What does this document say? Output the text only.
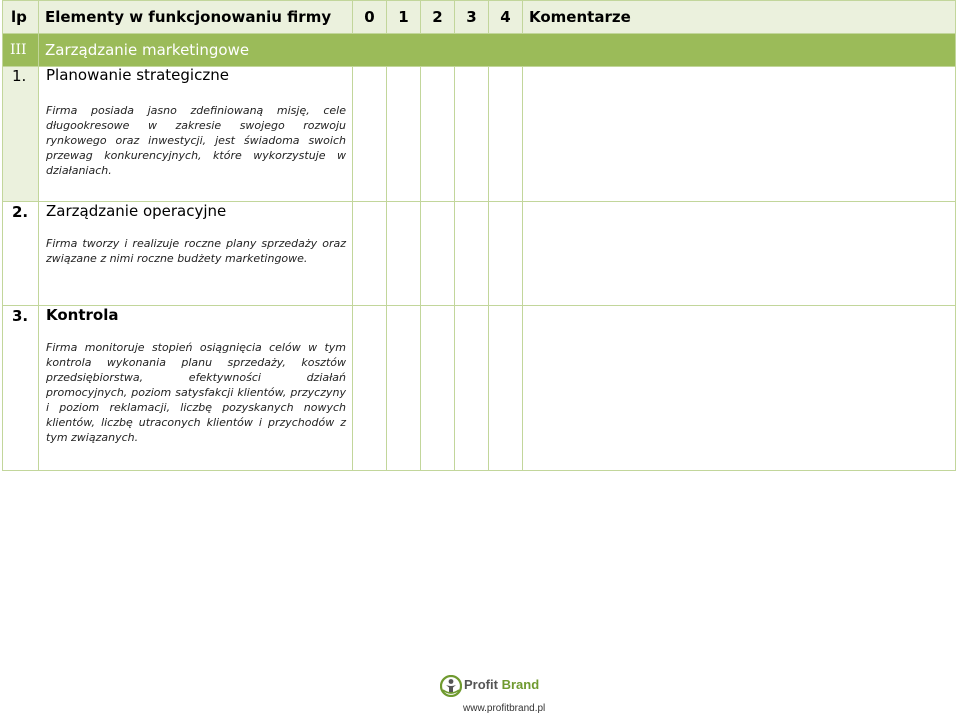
lp	Elementy w funkcjonowaniu firmy	0	1	2	3	4	Komentarze
III	Zarządzanie marketingowe						
1.	Planowanie strategiczne
Firma posiada jasno zdefiniowaną misję, cele długookresowe w zakresie swojego rozwoju rynkowego oraz inwestycji, jest świadoma swoich przewag konkurencyjnych, które wykorzystuje w działaniach.						

2.	Zarządzanie operacyjne
Firma tworzy i realizuje roczne plany sprzedaży oraz związane z nimi roczne budżety marketingowe.						

3.	Kontrola
Firma monitoruje stopień osiągnięcia celów w tym kontrola wykonania planu sprzedaży, kosztów przedsiębiorstwa, efektywności działań promocyjnych, poziom satysfakcji klientów, przyczyny i poziom reklamacji, liczbę pozyskanych nowych klientów, liczbę utraconych klientów i przychodów z tym związanych.						

Profit Brand
www.profitbrand.pl
